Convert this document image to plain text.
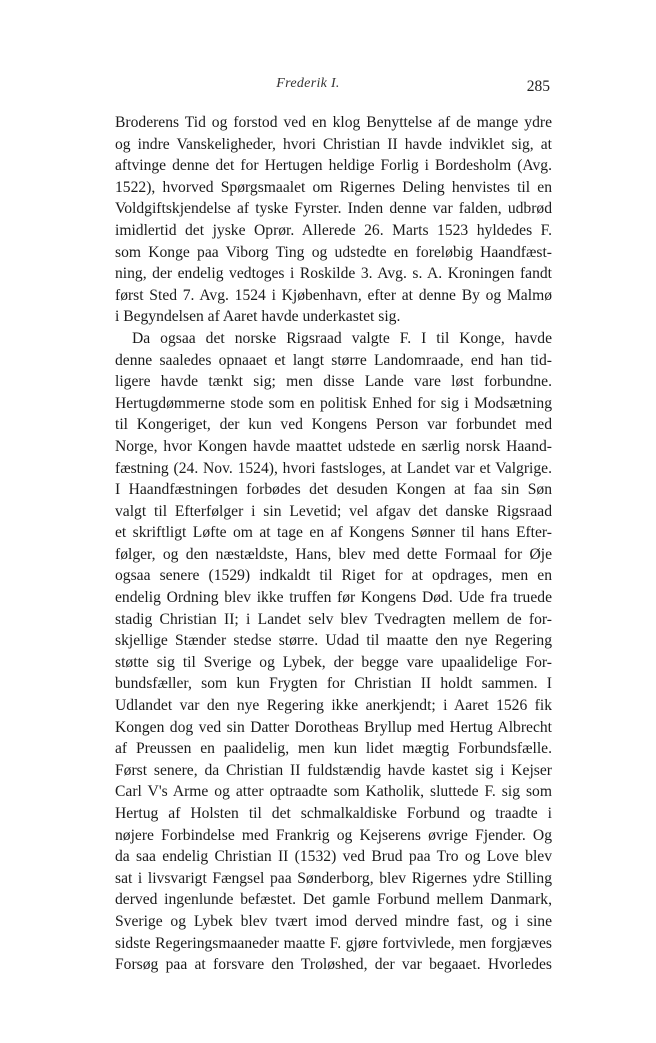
Frederik I.	285

Broderens Tid og forstod ved en klog Benyttelse af de mange ydre
og indre Vanskeligheder, hvori Christian II havde indviklet sig, at
aftvinge denne det for Hertugen heldige Forlig i Bordesholm (Avg.
1522), hvorved Spørgsmaalet om Rigernes Deling henvistes til en
Voldgiftskjendelse af tyske Fyrster. Inden denne var falden, udbrød
imidlertid det jyske Oprør. Allerede 26. Marts 1523 hyldedes F.
som Konge paa Viborg Ting og udstedte en foreløbig Haandfæst-
ning, der endelig vedtoges i Roskilde 3. Avg. s. A. Kroningen fandt
først Sted 7. Avg. 1524 i Kjøbenhavn, efter at denne By og Malmø
i Begyndelsen af Aaret havde underkastet sig.

Da ogsaa det norske Rigsraad valgte F. I til Konge, havde
denne saaledes opnaaet et langt større Landomraade, end han tid-
ligere havde tænkt sig; men disse Lande vare løst forbundne.
Hertugdømmerne stode som en politisk Enhed for sig i Modsætning
til Kongeriget, der kun ved Kongens Person var forbundet med
Norge, hvor Kongen havde maattet udstede en særlig norsk Haand-
fæstning (24. Nov. 1524), hvori fastsloges, at Landet var et Valgrige.
I Haandfæstningen forbødes det desuden Kongen at faa sin Søn
valgt til Efterfølger i sin Levetid; vel afgav det danske Rigsraad
et skriftligt Løfte om at tage en af Kongens Sønner til hans Efter-
følger, og den næstældste, Hans, blev med dette Formaal for Øje
ogsaa senere (1529) indkaldt til Riget for at opdrages, men en
endelig Ordning blev ikke truffen før Kongens Død. Ude fra truede
stadig Christian II; i Landet selv blev Tvedragten mellem de for-
skjellige Stænder stedse større. Udad til maatte den nye Regering
støtte sig til Sverige og Lybek, der begge vare upaalidelige For-
bundsfæller, som kun Frygten for Christian II holdt sammen. I
Udlandet var den nye Regering ikke anerkjendt; i Aaret 1526 fik
Kongen dog ved sin Datter Dorotheas Bryllup med Hertug Albrecht
af Preussen en paalidelig, men kun lidet mægtig Forbundsfælle.
Først senere, da Christian II fuldstændig havde kastet sig i Kejser
Carl V's Arme og atter optraadte som Katholik, sluttede F. sig som
Hertug af Holsten til det schmalkaldiske Forbund og traadte i
nøjere Forbindelse med Frankrig og Kejserens øvrige Fjender. Og
da saa endelig Christian II (1532) ved Brud paa Tro og Love blev
sat i livsvarigt Fængsel paa Sønderborg, blev Rigernes ydre Stilling
derved ingenlunde befæstet. Det gamle Forbund mellem Danmark,
Sverige og Lybek blev tvært imod derved mindre fast, og i sine
sidste Regeringsmaaneder maatte F. gjøre fortvivlede, men forgjæves
Forsøg paa at forsvare den Troløshed, der var begaaet. Hvorledes
